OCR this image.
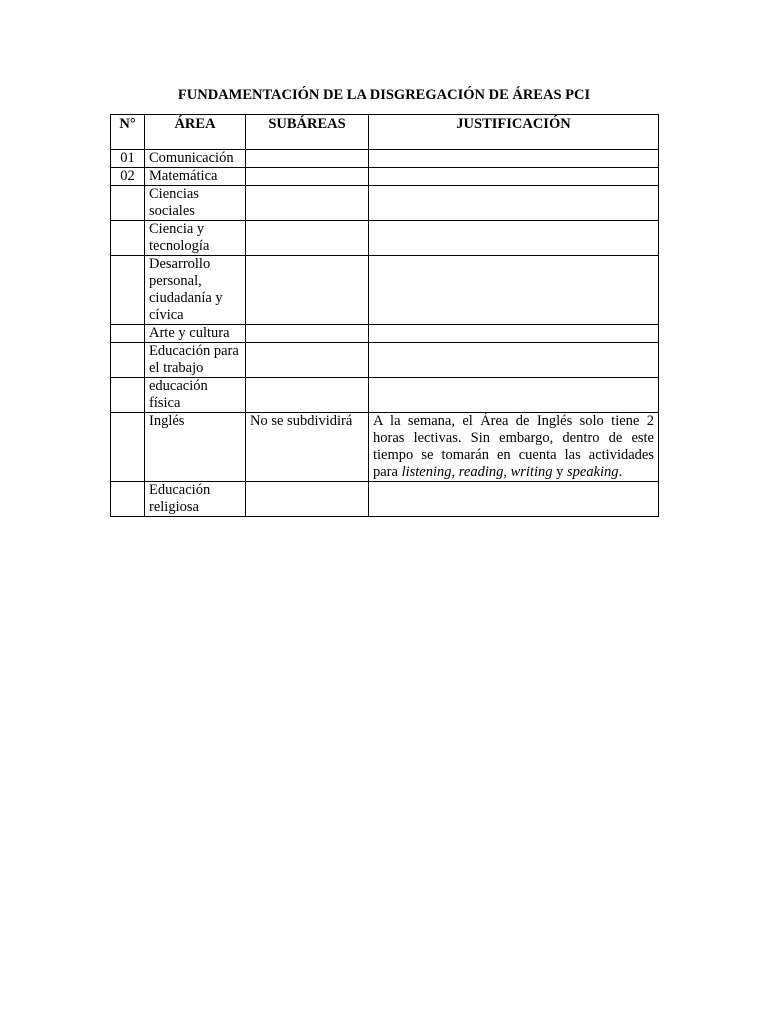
FUNDAMENTACIÓN DE LA DISGREGACIÓN DE ÁREAS PCI
N°	ÁREA	SUBÁREAS	JUSTIFICACIÓN
01	Comunicación		
02	Matemática		
	Ciencias sociales		
	Ciencia y tecnología		
	Desarrollo personal, ciudadanía y cívica		
	Arte y cultura		
	Educación para el trabajo		
	educación física		
	Inglés	No se subdividirá	A la semana, el Área de Inglés solo tiene 2 horas lectivas. Sin embargo, dentro de este tiempo se tomarán en cuenta las actividades para listening, reading, writing y speaking.
	Educación religiosa		
